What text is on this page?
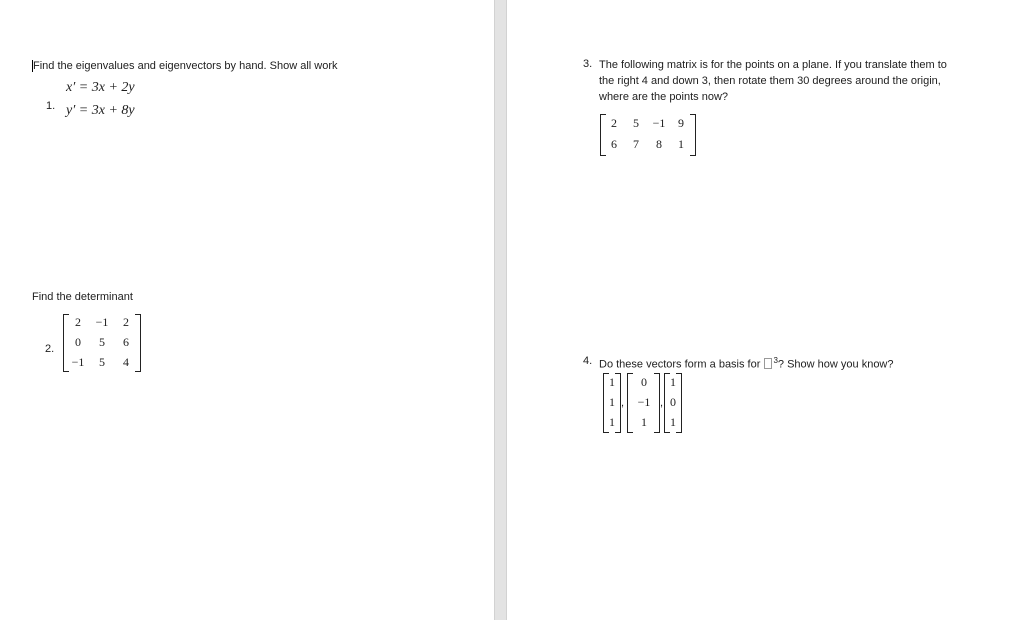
Find the eigenvalues and eigenvectors by hand. Show all work
x′ = 3x + 2y
1. y′ = 3x + 8y
Find the determinant
2.
2	−1	2
0	5	6
−1	5	4
3. The following matrix is for the points on a plane. If you translate them to
the right 4 and down 3, then rotate them 30 degrees around the origin,
where are the points now?
2	5	−1	9
6	7	8	1
4. Do these vectors form a basis for $^3$? Show how you know?
1
1
1
,
0
−1
1
,
1
0
1
